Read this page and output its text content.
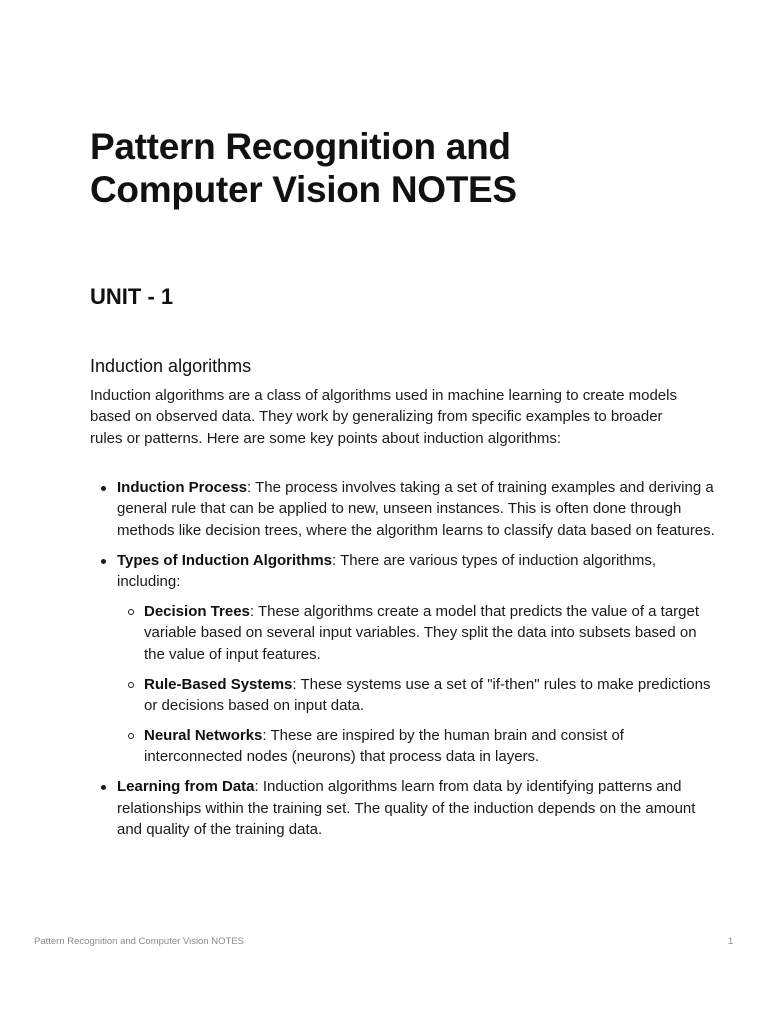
Pattern Recognition and Computer Vision NOTES
UNIT - 1
Induction algorithms

Induction algorithms are a class of algorithms used in machine learning to create models based on observed data. They work by generalizing from specific examples to broader rules or patterns. Here are some key points about induction algorithms:

Induction Process: The process involves taking a set of training examples and deriving a general rule that can be applied to new, unseen instances. This is often done through methods like decision trees, where the algorithm learns to classify data based on features.
Types of Induction Algorithms: There are various types of induction algorithms, including:
Decision Trees: These algorithms create a model that predicts the value of a target variable based on several input variables. They split the data into subsets based on the value of input features.
Rule-Based Systems: These systems use a set of "if-then" rules to make predictions or decisions based on input data.
Neural Networks: These are inspired by the human brain and consist of interconnected nodes (neurons) that process data in layers.
Learning from Data: Induction algorithms learn from data by identifying patterns and relationships within the training set. The quality of the induction depends on the amount and quality of the training data.
Pattern Recognition and Computer Vision NOTES	1
